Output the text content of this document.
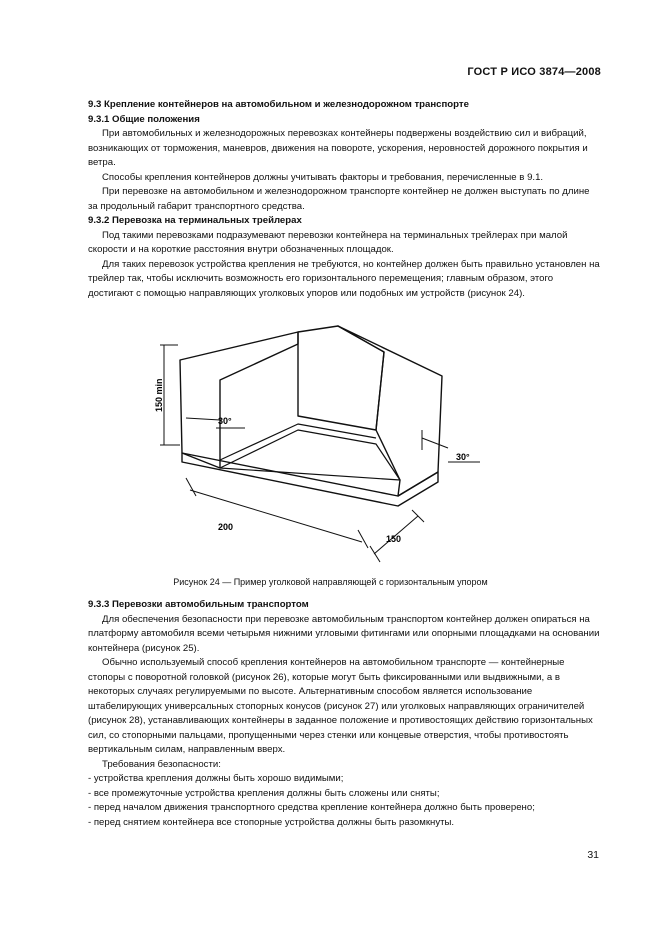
ГОСТ Р ИСО 3874—2008

9.3 Крепление контейнеров на автомобильном и железнодорожном транспорте

9.3.1 Общие положения

При автомобильных и железнодорожных перевозках контейнеры подвержены воздействию сил и вибраций, возникающих от торможения, маневров, движения на повороте, ускорения, неровностей дорожного покрытия и ветра.

Способы крепления контейнеров должны учитывать факторы и требования, перечисленные в 9.1.

При перевозке на автомобильном и железнодорожном транспорте контейнер не должен выступать по длине за продольный габарит транспортного средства.

9.3.2 Перевозка на терминальных трейлерах

Под такими перевозками подразумевают перевозки контейнера на терминальных трейлерах при малой скорости и на короткие расстояния внутри обозначенных площадок.

Для таких перевозок устройства крепления не требуются, но контейнер должен быть правильно установлен на трейлер так, чтобы исключить возможность его горизонтального перемещения; главным образом, этого достигают с помощью направляющих уголковых упоров или подобных им устройств (рисунок 24).

150 min
30°
30°
200
150
Рисунок 24 — Пример уголковой направляющей с горизонтальным упором

9.3.3 Перевозки автомобильным транспортом

Для обеспечения безопасности при перевозке автомобильным транспортом контейнер должен опираться на платформу автомобиля всеми четырьмя нижними угловыми фитингами или опорными площадками на основании контейнера (рисунок 25).

Обычно используемый способ крепления контейнеров на автомобильном транспорте — контейнерные стопоры с поворотной головкой (рисунок 26), которые могут быть фиксированными или выдвижными, а в некоторых случаях регулируемыми по высоте. Альтернативным способом является использование штабелирующих универсальных стопорных конусов (рисунок 27) или уголковых направляющих ограничителей (рисунок 28), устанавливающих контейнеры в заданное положение и противостоящих действию горизонтальных сил, со стопорными пальцами, пропущенными через стенки или концевые отверстия, чтобы противостоять вертикальным силам, направленным вверх.

Требования безопасности:

- устройства крепления должны быть хорошо видимыми;

- все промежуточные устройства крепления должны быть сложены или сняты;

- перед началом движения транспортного средства крепление контейнера должно быть проверено;

- перед снятием контейнера все стопорные устройства должны быть разомкнуты.

31
